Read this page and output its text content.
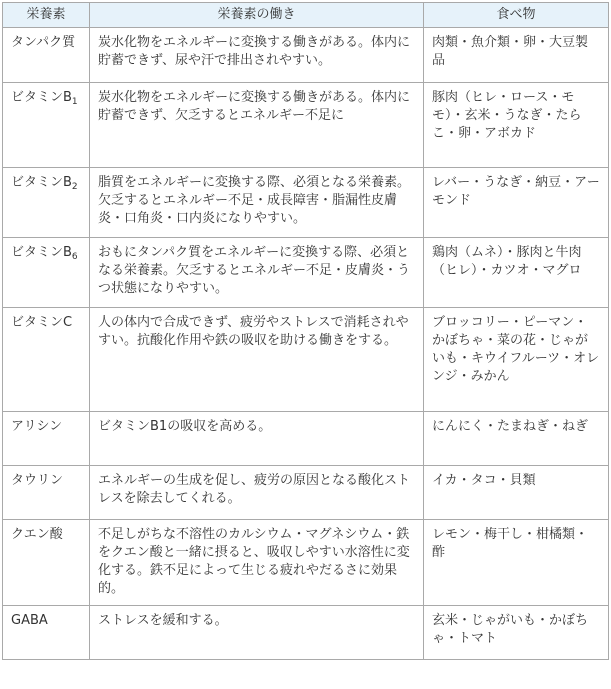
栄養素	栄養素の働き	食べ物
タンパク質	炭水化物をエネルギーに変換する働きがある。体内に貯蓄できず、尿や汗で排出されやすい。	肉類・魚介類・卵・大豆製品
ビタミン$B_1$	炭水化物をエネルギーに変換する働きがある。体内に貯蓄できず、欠乏するとエネルギー不足に	豚肉（ヒレ・ロース・モモ）・玄米・うなぎ・たらこ・卵・アボカド
ビタミン$B_2$	脂質をエネルギーに変換する際、必須となる栄養素。欠乏するとエネルギー不足・成長障害・脂漏性皮膚炎・口角炎・口内炎になりやすい。	レバー・うなぎ・納豆・アーモンド
ビタミン$B_6$	おもにタンパク質をエネルギーに変換する際、必須となる栄養素。欠乏するとエネルギー不足・皮膚炎・うつ状態になりやすい。	鶏肉（ムネ）・豚肉と牛肉（ヒレ）・カツオ・マグロ
ビタミンC	人の体内で合成できず、疲労やストレスで消耗されやすい。抗酸化作用や鉄の吸収を助ける働きをする。	ブロッコリー・ピーマン・かぼちゃ・菜の花・じゃがいも・キウイフルーツ・オレンジ・みかん
アリシン	ビタミンB1の吸収を高める。	にんにく・たまねぎ・ねぎ
タウリン	エネルギーの生成を促し、疲労の原因となる酸化ストレスを除去してくれる。	イカ・タコ・貝類
クエン酸	不足しがちな不溶性のカルシウム・マグネシウム・鉄をクエン酸と一緒に摂ると、吸収しやすい水溶性に変化する。鉄不足によって生じる疲れやだるさに効果的。	レモン・梅干し・柑橘類・酢
GABA	ストレスを緩和する。	玄米・じゃがいも・かぼちゃ・トマト
